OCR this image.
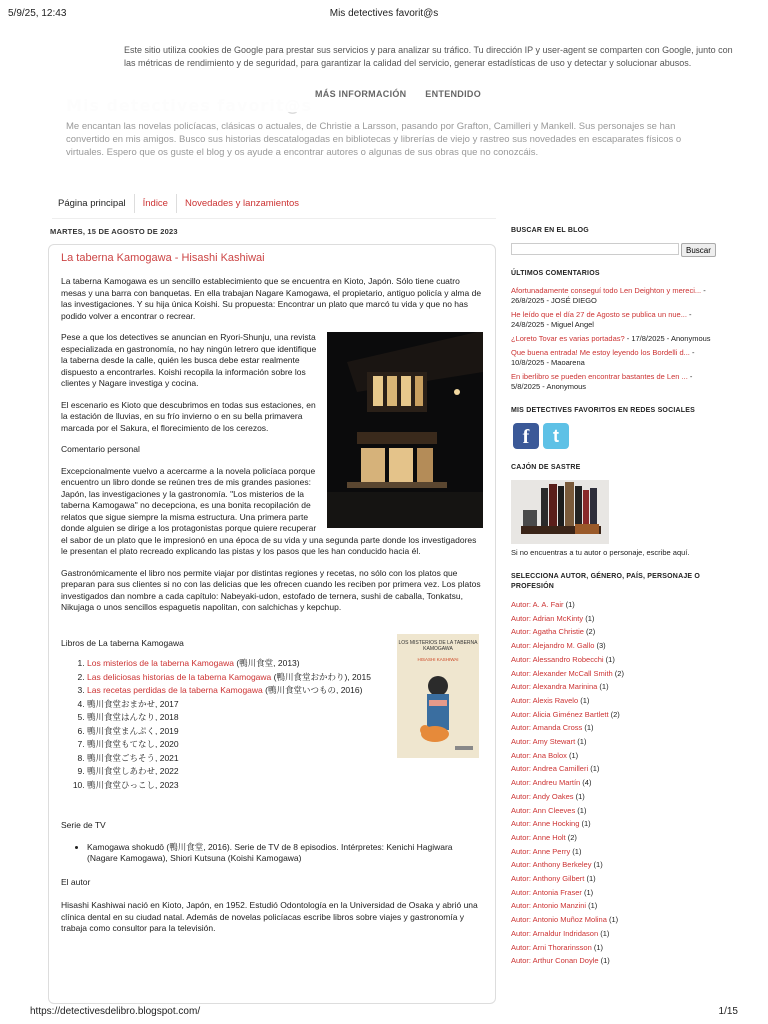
5/9/25, 12:43	Mis detectives favorit@s
Me encantan las novelas policíacas, clásicas o actuales, de Christie a Larsson, pasando por Grafton, Camilleri y Mankell. Sus personajes se han convertido en mis amigos. Busco sus historias descatalogadas en bibliotecas y librerías de viejo y rastreo sus novedades en escaparates físicos o virtuales. Espero que os guste el blog y os ayude a encontrar autores o algunas de sus obras que no conozcáis.

Este sitio utiliza cookies de Google para prestar sus servicios y para analizar su tráfico. Tu dirección IP y user-agent se comparten con Google, junto con las métricas de rendimiento y de seguridad, para garantizar la calidad del servicio, generar estadísticas de uso y detectar y solucionar abusos.

MÁS INFORMACIÓN ENTENDIDO
Página principal Índice Novedades y lanzamientos
MARTES, 15 DE AGOSTO DE 2023
La taberna Kamogawa - Hisashi Kashiwai

La taberna Kamogawa es un sencillo establecimiento que se encuentra en Kioto, Japón. Sólo tiene cuatro mesas y una barra con banquetas. En ella trabajan Nagare Kamogawa, el propietario, antiguo policía y alma de las investigaciones. Y su hija única Koishi. Su propuesta: Encontrar un plato que marcó tu vida y que no has podido volver a encontrar o recrear.

Pese a que los detectives se anuncian en Ryori-Shunju, una revista especializada en gastronomía, no hay ningún letrero que identifique la taberna desde la calle, quién les busca debe estar realmente dispuesto a encontrarles. Koishi recopila la información sobre los clientes y Nagare investiga y cocina.

El escenario es Kioto que descubrimos en todas sus estaciones, en la estación de lluvias, en su frío invierno o en su bella primavera marcada por el Sakura, el florecimiento de los cerezos.

Comentario personal

Excepcionalmente vuelvo a acercarme a la novela policíaca porque encuentro un libro donde se reúnen tres de mis grandes pasiones: Japón, las investigaciones y la gastronomía. "Los misterios de la taberna Kamogawa" no decepciona, es una bonita recopilación de relatos que sigue siempre la misma estructura. Una primera parte donde alguien se dirige a los protagonistas porque quiere recuperar el sabor de un plato que le impresionó en una época de su vida y una segunda parte donde los investigadores le presentan el plato recreado explicando las pistas y los pasos que les han conducido hacia él.

Gastronómicamente el libro nos permite viajar por distintas regiones y recetas, no sólo con los platos que preparan para sus clientes si no con las delicias que les ofrecen cuando les reciben por primera vez. Los platos investigados dan nombre a cada capítulo: Nabeyaki-udon, estofado de ternera, sushi de caballa, Tonkatsu, Nikujaga o unos sencillos espaguetis napolitan, con salchichas y kepchup.

LOS MISTERIOS DE LA TABERNA KAMOGAWA
HISASHI KASHIWAI

Libros de La taberna Kamogawa

1. Los misterios de la taberna Kamogawa (鴨川食堂, 2013)
2. Las deliciosas historias de la taberna Kamogawa (鴨川食堂おかわり), 2015
3. Las recetas perdidas de la taberna Kamogawa (鴨川食堂いつもの, 2016)
4. 鴨川食堂おまかせ, 2017
5. 鴨川食堂はんなり, 2018
6. 鴨川食堂まんぷく, 2019
7. 鴨川食堂もてなし, 2020
8. 鴨川食堂ごちそう, 2021
9. 鴨川食堂しあわせ, 2022
10. 鴨川食堂ひっこし, 2023

Serie de TV

• Kamogawa shokudō (鴨川食堂, 2016). Serie de TV de 8 episodios. Intérpretes: Kenichi Hagiwara (Nagare Kamogawa), Shiori Kutsuna (Koishi Kamogawa)

El autor

Hisashi Kashiwai nació en Kioto, Japón, en 1952. Estudió Odontología en la Universidad de Osaka y abrió una clínica dental en su ciudad natal. Además de novelas policíacas escribe libros sobre viajes y gastronomía y trabaja como consultor para la televisión.

BUSCAR EN EL BLOG
Buscar
ÚLTIMOS COMENTARIOS
Afortunadamente conseguí todo Len Deighton y mereci... - 26/8/2025 - JOSÉ DIEGO
He leído que el día 27 de Agosto se publica un nue... - 24/8/2025 - Miguel Angel
¿Loreto Tovar es varias portadas? - 17/8/2025 - Anonymous
Que buena entrada! Me estoy leyendo los Bordelli d... - 10/8/2025 - Maoarena
En iberlibro se pueden encontrar bastantes de Len ... - 5/8/2025 - Anonymous
MIS DETECTIVES FAVORITOS EN REDES SOCIALES
f	t
CAJÓN DE SASTRE
Si no encuentras a tu autor o personaje, escribe aquí.
SELECCIONA AUTOR, GÉNERO, PAÍS, PERSONAJE O PROFESIÓN
Autor: A. A. Fair (1)
Autor: Adrian McKinty (1)
Autor: Agatha Christie (2)
Autor: Alejandro M. Gallo (3)
Autor: Alessandro Robecchi (1)
Autor: Alexander McCall Smith (2)
Autor: Alexandra Marinina (1)
Autor: Alexis Ravelo (1)
Autor: Alicia Giménez Bartlett (2)
Autor: Amanda Cross (1)
Autor: Amy Stewart (1)
Autor: Ana Bolox (1)
Autor: Andrea Camilleri (1)
Autor: Andreu Martín (4)
Autor: Andy Oakes (1)
Autor: Ann Cleeves (1)
Autor: Anne Hocking (1)
Autor: Anne Holt (2)
Autor: Anne Perry (1)
Autor: Anthony Berkeley (1)
Autor: Anthony Gilbert (1)
Autor: Antonia Fraser (1)
Autor: Antonio Manzini (1)
Autor: Antonio Muñoz Molina (1)
Autor: Arnaldur Indridason (1)
Autor: Arni Thorarinsson (1)
Autor: Arthur Conan Doyle (1)
https://detectivesdelibro.blogspot.com/	1/15
